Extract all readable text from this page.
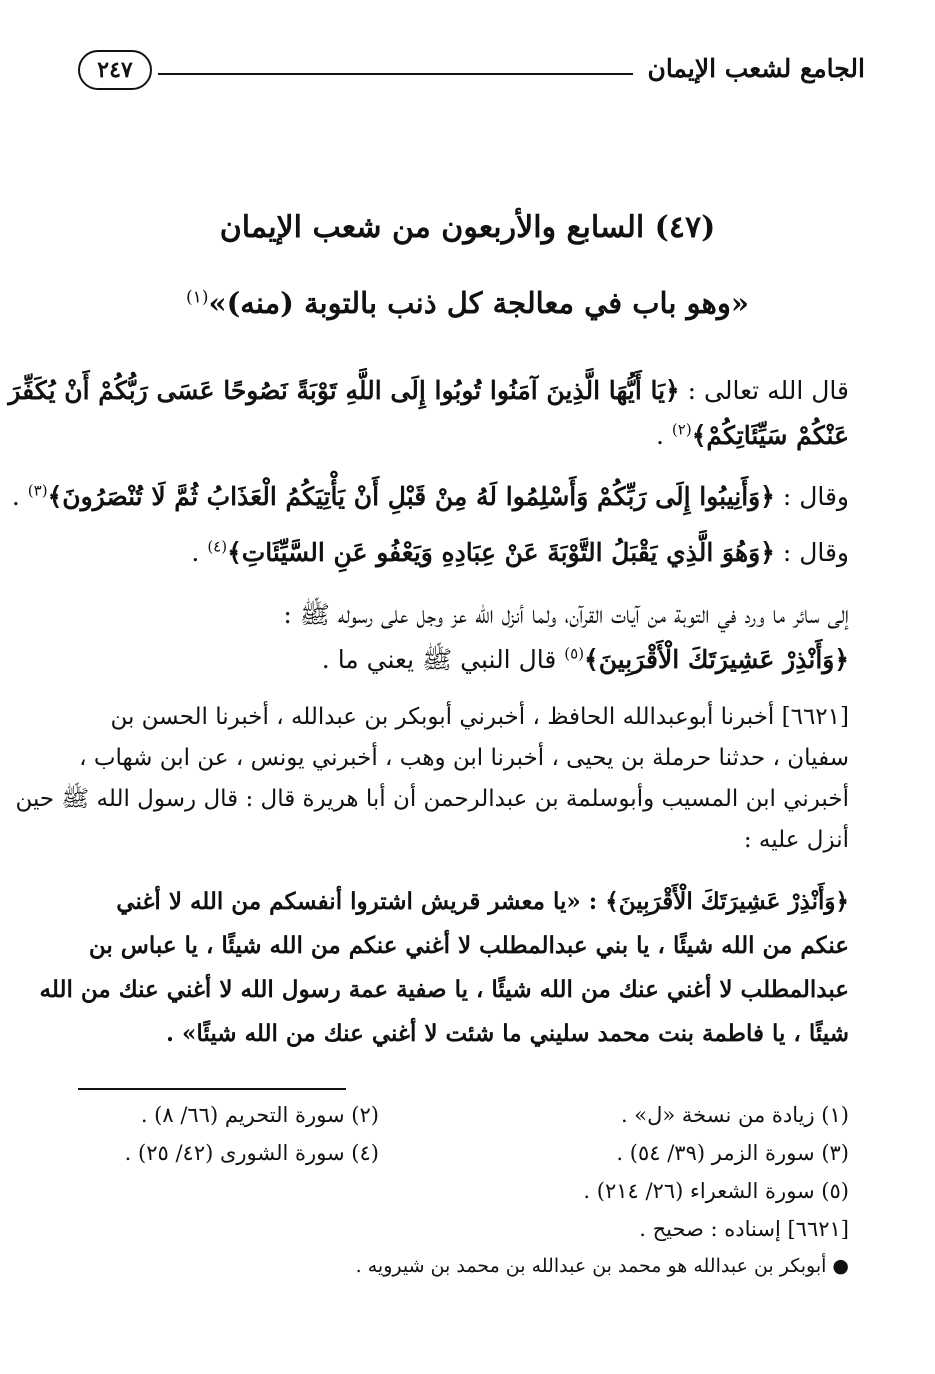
الجامع لشعب الإيمان
٢٤٧
(٤٧) السابع والأربعون من شعب الإيمان
«وهو باب في معالجة كل ذنب بالتوبة (منه)»$^{(١)}$
قال الله تعالى : ﴿يَا أَيُّهَا الَّذِينَ آمَنُوا تُوبُوا إِلَى اللَّهِ تَوْبَةً نَصُوحًا عَسَى رَبُّكُمْ أَنْ يُكَفِّرَ
عَنْكُمْ سَيِّئَاتِكُمْ﴾$^{(٢)}$ .
وقال : ﴿وَأَنِيبُوا إِلَى رَبِّكُمْ وَأَسْلِمُوا لَهُ مِنْ قَبْلِ أَنْ يَأْتِيَكُمُ الْعَذَابُ ثُمَّ لَا تُنْصَرُونَ﴾$^{(٣)}$ .
وقال : ﴿وَهُوَ الَّذِي يَقْبَلُ التَّوْبَةَ عَنْ عِبَادِهِ وَيَعْفُو عَنِ السَّيِّئَاتِ﴾$^{(٤)}$ .
إلى سائر ما ورد في التوبة من آيات القرآن، ولما أنزل الله عز وجل على رسوله ﷺ :
﴿وَأَنْذِرْ عَشِيرَتَكَ الْأَقْرَبِينَ﴾$^{(٥)}$ قال النبي ﷺ يعني ما .
[٦٦٢١] أخبرنا أبوعبدالله الحافظ ، أخبرني أبوبكر بن عبدالله ، أخبرنا الحسن بن
سفيان ، حدثنا حرملة بن يحيى ، أخبرنا ابن وهب ، أخبرني يونس ، عن ابن شهاب ،
أخبرني ابن المسيب وأبوسلمة بن عبدالرحمن أن أبا هريرة قال : قال رسول الله ﷺ حين
أنزل عليه :
﴿وَأَنْذِرْ عَشِيرَتَكَ الْأَقْرَبِينَ﴾ : «يا معشر قريش اشتروا أنفسكم من الله لا أغني
عنكم من الله شيئًا ، يا بني عبدالمطلب لا أغني عنكم من الله شيئًا ، يا عباس بن
عبدالمطلب لا أغني عنك من الله شيئًا ، يا صفية عمة رسول الله لا أغني عنك من الله
شيئًا ، يا فاطمة بنت محمد سليني ما شئت لا أغني عنك من الله شيئًا» .
(١) زيادة من نسخة «ل» .
(٢) سورة التحريم (٦٦/ ٨) .
(٣) سورة الزمر (٣٩/ ٥٤) .
(٤) سورة الشورى (٤٢/ ٢٥) .
(٥) سورة الشعراء (٢٦/ ٢١٤) .
[٦٦٢١] إسناده : صحيح .
● أبوبكر بن عبدالله هو محمد بن عبدالله بن محمد بن شيرويه .
